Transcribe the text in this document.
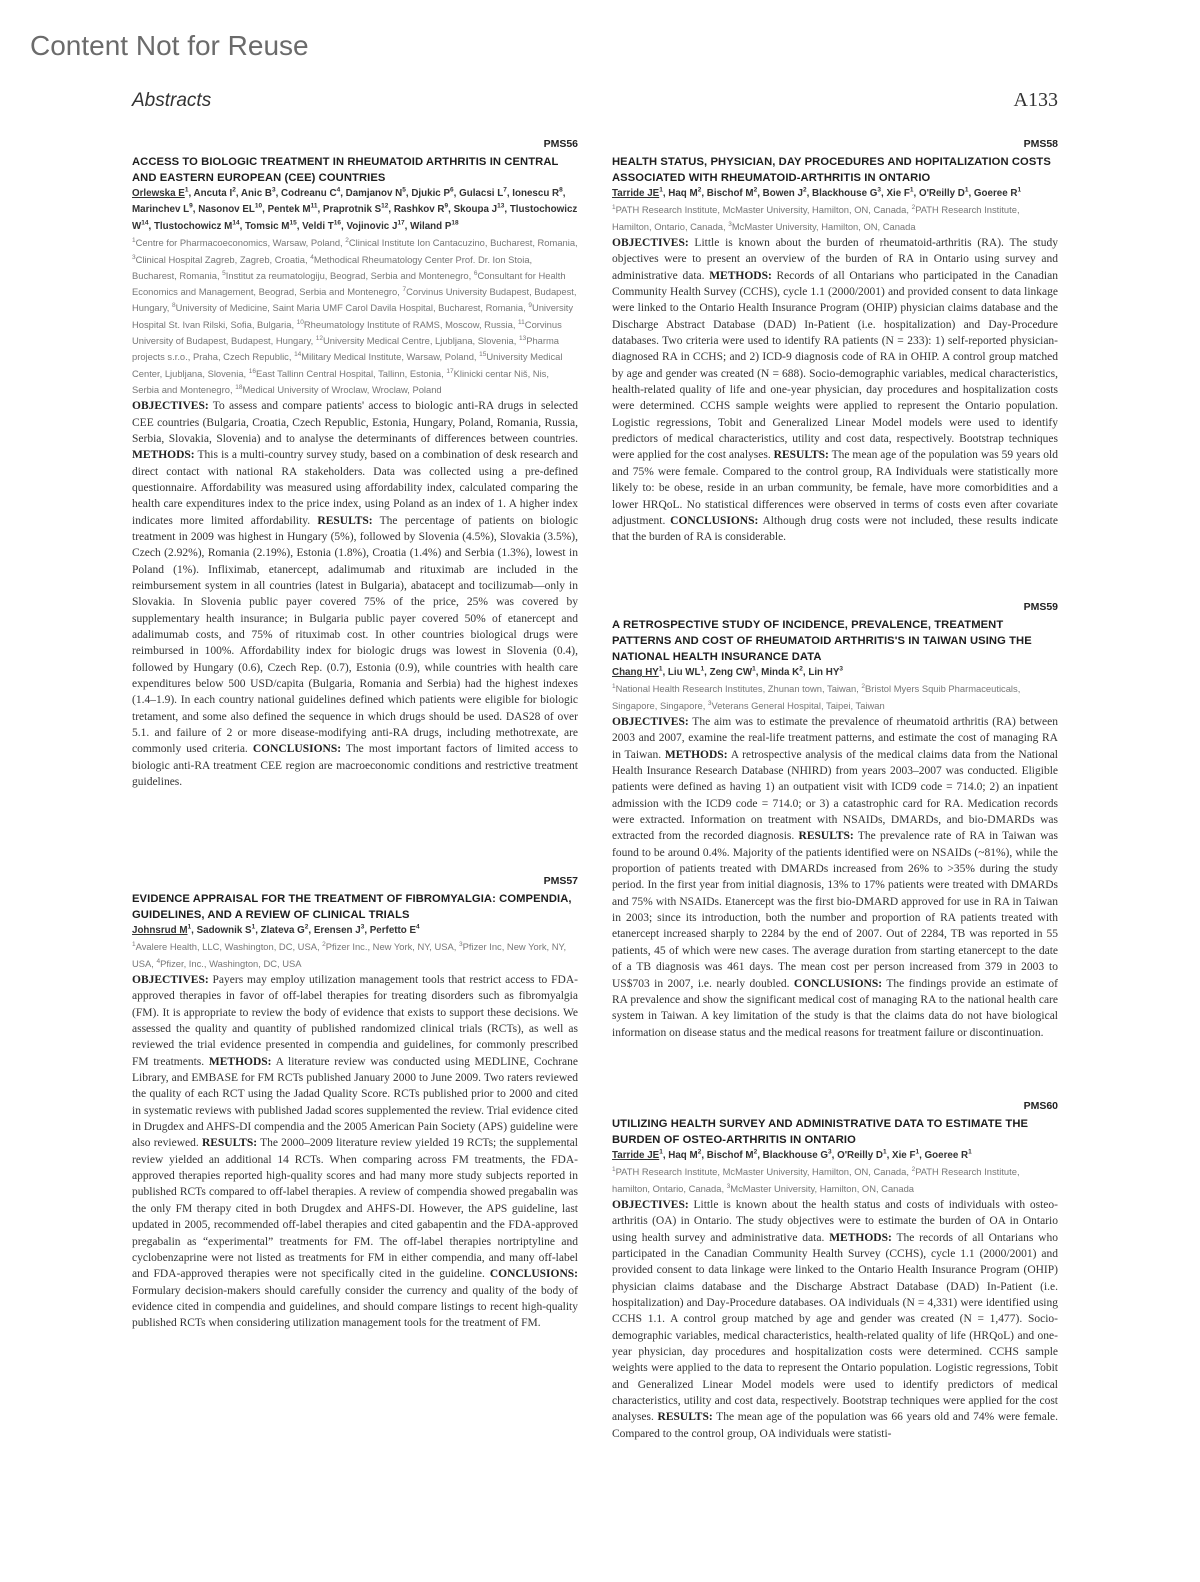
Content Not for Reuse
Abstracts	A133
PMS56
ACCESS TO BIOLOGIC TREATMENT IN RHEUMATOID ARTHRITIS IN CENTRAL AND EASTERN EUROPEAN (CEE) COUNTRIES
Orlewska $E^1$, Ancuta $I^2$, Anic $B^3$, Codreanu $C^4$, Damjanov $N^5$, Djukic $P^6$, Gulacsi $L^7$, Ionescu $R^8$, Marinchev $L^9$, Nasonov EL$^{10}$, Pentek $M^{11}$, Praprotnik $S^{12}$, Rashkov $R^9$, Skoupa $J^{13}$, Tlustochowicz $W^{14}$, Tlustochowicz $M^{14}$, Tomsic $M^{15}$, Veldi $T^{16}$, Vojinovic $J^{17}$, Wiland $P^{18}$
$^1$Centre for Pharmacoeconomics, Warsaw, Poland, $^2$Clinical Institute Ion Cantacuzino, Bucharest, Romania, $^3$Clinical Hospital Zagreb, Zagreb, Croatia, $^4$Methodical Rheumatology Center Prof. Dr. Ion Stoia, Bucharest, Romania, $^5$Institut za reumatologiju, Beograd, Serbia and Montenegro, $^6$Consultant for Health Economics and Management, Beograd, Serbia and Montenegro, $^7$Corvinus University Budapest, Budapest, Hungary, $^8$University of Medicine, Saint Maria UMF Carol Davila Hospital, Bucharest, Romania, $^9$University Hospital St. Ivan Rilski, Sofia, Bulgaria, $^{10}$Rheumatology Institute of RAMS, Moscow, Russia, $^{11}$Corvinus University of Budapest, Budapest, Hungary, $^{12}$University Medical Centre, Ljubljana, Slovenia, $^{13}$Pharma projects s.r.o., Praha, Czech Republic, $^{14}$Military Medical Institute, Warsaw, Poland, $^{15}$University Medical Center, Ljubljana, Slovenia, $^{16}$East Tallinn Central Hospital, Tallinn, Estonia, $^{17}$Klinicki centar Niš, Nis, Serbia and Montenegro, $^{18}$Medical University of Wroclaw, Wroclaw, Poland
OBJECTIVES: To assess and compare patients' access to biologic anti-RA drugs in selected CEE countries (Bulgaria, Croatia, Czech Republic, Estonia, Hungary, Poland, Romania, Russia, Serbia, Slovakia, Slovenia) and to analyse the determinants of differences between countries. METHODS: This is a multi-country survey study, based on a combination of desk research and direct contact with national RA stakeholders. Data was collected using a pre-defined questionnaire. Affordability was measured using affordability index, calculated comparing the health care expenditures index to the price index, using Poland as an index of 1. A higher index indicates more limited affordability. RESULTS: The percentage of patients on biologic treatment in 2009 was highest in Hungary (5%), followed by Slovenia (4.5%), Slovakia (3.5%), Czech (2.92%), Romania (2.19%), Estonia (1.8%), Croatia (1.4%) and Serbia (1.3%), lowest in Poland (1%). Infliximab, etanercept, adalimumab and rituximab are included in the reimbursement system in all countries (latest in Bulgaria), abatacept and tocilizumab—only in Slovakia. In Slovenia public payer covered 75% of the price, 25% was covered by supplementary health insurance; in Bulgaria public payer covered 50% of etanercept and adalimumab costs, and 75% of rituximab cost. In other countries biological drugs were reimbursed in 100%. Affordability index for biologic drugs was lowest in Slovenia (0.4), followed by Hungary (0.6), Czech Rep. (0.7), Estonia (0.9), while countries with health care expenditures below 500 USD/capita (Bulgaria, Romania and Serbia) had the highest indexes (1.4–1.9). In each country national guidelines defined which patients were eligible for biologic tretament, and some also defined the sequence in which drugs should be used. DAS28 of over 5.1. and failure of 2 or more disease-modifying anti-RA drugs, including methotrexate, are commonly used criteria. CONCLUSIONS: The most important factors of limited access to biologic anti-RA treatment CEE region are macroeconomic conditions and restrictive treatment guidelines.
PMS57
EVIDENCE APPRAISAL FOR THE TREATMENT OF FIBROMYALGIA: COMPENDIA, GUIDELINES, AND A REVIEW OF CLINICAL TRIALS
Johnsrud $M^1$, Sadownik $S^1$, Zlateva $G^2$, Erensen $J^3$, Perfetto $E^4$
$^1$Avalere Health, LLC, Washington, DC, USA, $^2$Pfizer Inc., New York, NY, USA, $^3$Pfizer Inc, New York, NY, USA, $^4$Pfizer, Inc., Washington, DC, USA
OBJECTIVES: Payers may employ utilization management tools that restrict access to FDA-approved therapies in favor of off-label therapies for treating disorders such as fibromyalgia (FM). It is appropriate to review the body of evidence that exists to support these decisions. We assessed the quality and quantity of published randomized clinical trials (RCTs), as well as reviewed the trial evidence presented in compendia and guidelines, for commonly prescribed FM treatments. METHODS: A literature review was conducted using MEDLINE, Cochrane Library, and EMBASE for FM RCTs published January 2000 to June 2009. Two raters reviewed the quality of each RCT using the Jadad Quality Score. RCTs published prior to 2000 and cited in systematic reviews with published Jadad scores supplemented the review. Trial evidence cited in Drugdex and AHFS-DI compendia and the 2005 American Pain Society (APS) guideline were also reviewed. RESULTS: The 2000–2009 literature review yielded 19 RCTs; the supplemental review yielded an additional 14 RCTs. When comparing across FM treatments, the FDA-approved therapies reported high-quality scores and had many more study subjects reported in published RCTs compared to off-label therapies. A review of compendia showed pregabalin was the only FM therapy cited in both Drugdex and AHFS-DI. However, the APS guideline, last updated in 2005, recommended off-label therapies and cited gabapentin and the FDA-approved pregabalin as “experimental” treatments for FM. The off-label therapies nortriptyline and cyclobenzaprine were not listed as treatments for FM in either compendia, and many off-label and FDA-approved therapies were not specifically cited in the guideline. CONCLUSIONS: Formulary decision-makers should carefully consider the currency and quality of the body of evidence cited in compendia and guidelines, and should compare listings to recent high-quality published RCTs when considering utilization management tools for the treatment of FM.
PMS58
HEALTH STATUS, PHYSICIAN, DAY PROCEDURES AND HOPITALIZATION COSTS ASSOCIATED WITH RHEUMATOID-ARTHRITIS IN ONTARIO
Tarride $JE^1$, Haq $M^2$, Bischof $M^2$, Bowen $J^2$, Blackhouse $G^3$, Xie $F^1$, O'Reilly $D^1$, Goeree $R^1$
$^1$PATH Research Institute, McMaster University, Hamilton, ON, Canada, $^2$PATH Research Institute, Hamilton, Ontario, Canada, $^3$McMaster University, Hamilton, ON, Canada
OBJECTIVES: Little is known about the burden of rheumatoid-arthritis (RA). The study objectives were to present an overview of the burden of RA in Ontario using survey and administrative data. METHODS: Records of all Ontarians who participated in the Canadian Community Health Survey (CCHS), cycle 1.1 (2000/2001) and provided consent to data linkage were linked to the Ontario Health Insurance Program (OHIP) physician claims database and the Discharge Abstract Database (DAD) In-Patient (i.e. hospitalization) and Day-Procedure databases. Two criteria were used to identify RA patients (N = 233): 1) self-reported physician-diagnosed RA in CCHS; and 2) ICD-9 diagnosis code of RA in OHIP. A control group matched by age and gender was created (N = 688). Socio-demographic variables, medical characteristics, health-related quality of life and one-year physician, day procedures and hospitalization costs were determined. CCHS sample weights were applied to represent the Ontario population. Logistic regressions, Tobit and Generalized Linear Model models were used to identify predictors of medical characteristics, utility and cost data, respectively. Bootstrap techniques were applied for the cost analyses. RESULTS: The mean age of the population was 59 years old and 75% were female. Compared to the control group, RA Individuals were statistically more likely to: be obese, reside in an urban community, be female, have more comorbidities and a lower HRQoL. No statistical differences were observed in terms of costs even after covariate adjustment. CONCLUSIONS: Although drug costs were not included, these results indicate that the burden of RA is considerable.
PMS59
A RETROSPECTIVE STUDY OF INCIDENCE, PREVALENCE, TREATMENT PATTERNS AND COST OF RHEUMATOID ARTHRITIS'S IN TAIWAN USING THE NATIONAL HEALTH INSURANCE DATA
Chang $HY^1$, Liu $WL^1$, Zeng $CW^1$, Minda $K^2$, Lin $HY^3$
$^1$National Health Research Institutes, Zhunan town, Taiwan, $^2$Bristol Myers Squib Pharmaceuticals, Singapore, Singapore, $^3$Veterans General Hospital, Taipei, Taiwan
OBJECTIVES: The aim was to estimate the prevalence of rheumatoid arthritis (RA) between 2003 and 2007, examine the real-life treatment patterns, and estimate the cost of managing RA in Taiwan. METHODS: A retrospective analysis of the medical claims data from the National Health Insurance Research Database (NHIRD) from years 2003–2007 was conducted. Eligible patients were defined as having 1) an outpatient visit with ICD9 code = 714.0; 2) an inpatient admission with the ICD9 code = 714.0; or 3) a catastrophic card for RA. Medication records were extracted. Information on treatment with NSAIDs, DMARDs, and bio-DMARDs was extracted from the recorded diagnosis. RESULTS: The prevalence rate of RA in Taiwan was found to be around 0.4%. Majority of the patients identified were on NSAIDs (~81%), while the proportion of patients treated with DMARDs increased from 26% to >35% during the study period. In the first year from initial diagnosis, 13% to 17% patients were treated with DMARDs and 75% with NSAIDs. Etanercept was the first bio-DMARD approved for use in RA in Taiwan in 2003; since its introduction, both the number and proportion of RA patients treated with etanercept increased sharply to 2284 by the end of 2007. Out of 2284, TB was reported in 55 patients, 45 of which were new cases. The average duration from starting etanercept to the date of a TB diagnosis was 461 days. The mean cost per person increased from 379 in 2003 to US$703 in 2007, i.e. nearly doubled. CONCLUSIONS: The findings provide an estimate of RA prevalence and show the significant medical cost of managing RA to the national health care system in Taiwan. A key limitation of the study is that the claims data do not have biological information on disease status and the medical reasons for treatment failure or discontinuation.
PMS60
UTILIZING HEALTH SURVEY AND ADMINISTRATIVE DATA TO ESTIMATE THE BURDEN OF OSTEO-ARTHRITIS IN ONTARIO
Tarride $JE^1$, Haq $M^2$, Bischof $M^2$, Blackhouse $G^3$, O'Reilly $D^1$, Xie $F^1$, Goeree $R^1$
$^1$PATH Research Institute, McMaster University, Hamilton, ON, Canada, $^2$PATH Research Institute, hamilton, Ontario, Canada, $^3$McMaster University, Hamilton, ON, Canada
OBJECTIVES: Little is known about the health status and costs of individuals with osteo-arthritis (OA) in Ontario. The study objectives were to estimate the burden of OA in Ontario using health survey and administrative data. METHODS: The records of all Ontarians who participated in the Canadian Community Health Survey (CCHS), cycle 1.1 (2000/2001) and provided consent to data linkage were linked to the Ontario Health Insurance Program (OHIP) physician claims database and the Discharge Abstract Database (DAD) In-Patient (i.e. hospitalization) and Day-Procedure databases. OA individuals (N = 4,331) were identified using CCHS 1.1. A control group matched by age and gender was created (N = 1,477). Socio-demographic variables, medical characteristics, health-related quality of life (HRQoL) and one-year physician, day procedures and hospitalization costs were determined. CCHS sample weights were applied to the data to represent the Ontario population. Logistic regressions, Tobit and Generalized Linear Model models were used to identify predictors of medical characteristics, utility and cost data, respectively. Bootstrap techniques were applied for the cost analyses. RESULTS: The mean age of the population was 66 years old and 74% were female. Compared to the control group, OA individuals were statisti-
